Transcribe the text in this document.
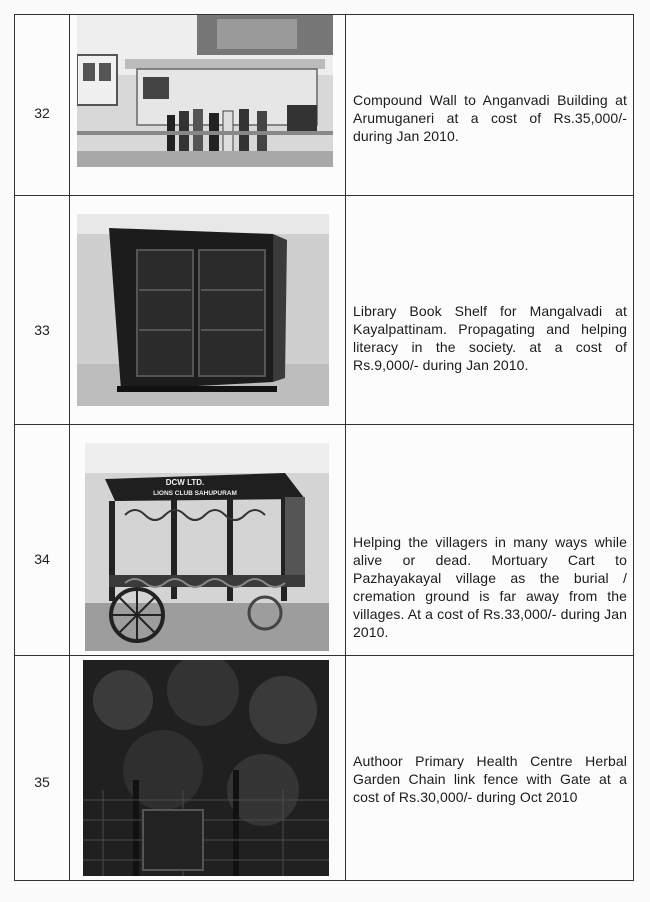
32
Compound Wall to Anganvadi Building at Arumuganeri at a cost of Rs.35,000/- during Jan 2010.
33
Library Book Shelf for Mangalvadi at Kayalpattinam. Propagating and helping literacy in the society. at a cost of Rs.9,000/- during Jan 2010.
34
DCW LTD.
LIONS CLUB SAHUPURAM
Helping the villagers in many ways while alive or dead. Mortuary Cart to Pazhayakayal village as the burial / cremation ground is far away from the villages. At a cost of Rs.33,000/- during Jan 2010.
35
Authoor Primary Health Centre Herbal Garden Chain link fence with Gate at a cost of Rs.30,000/- during Oct 2010
